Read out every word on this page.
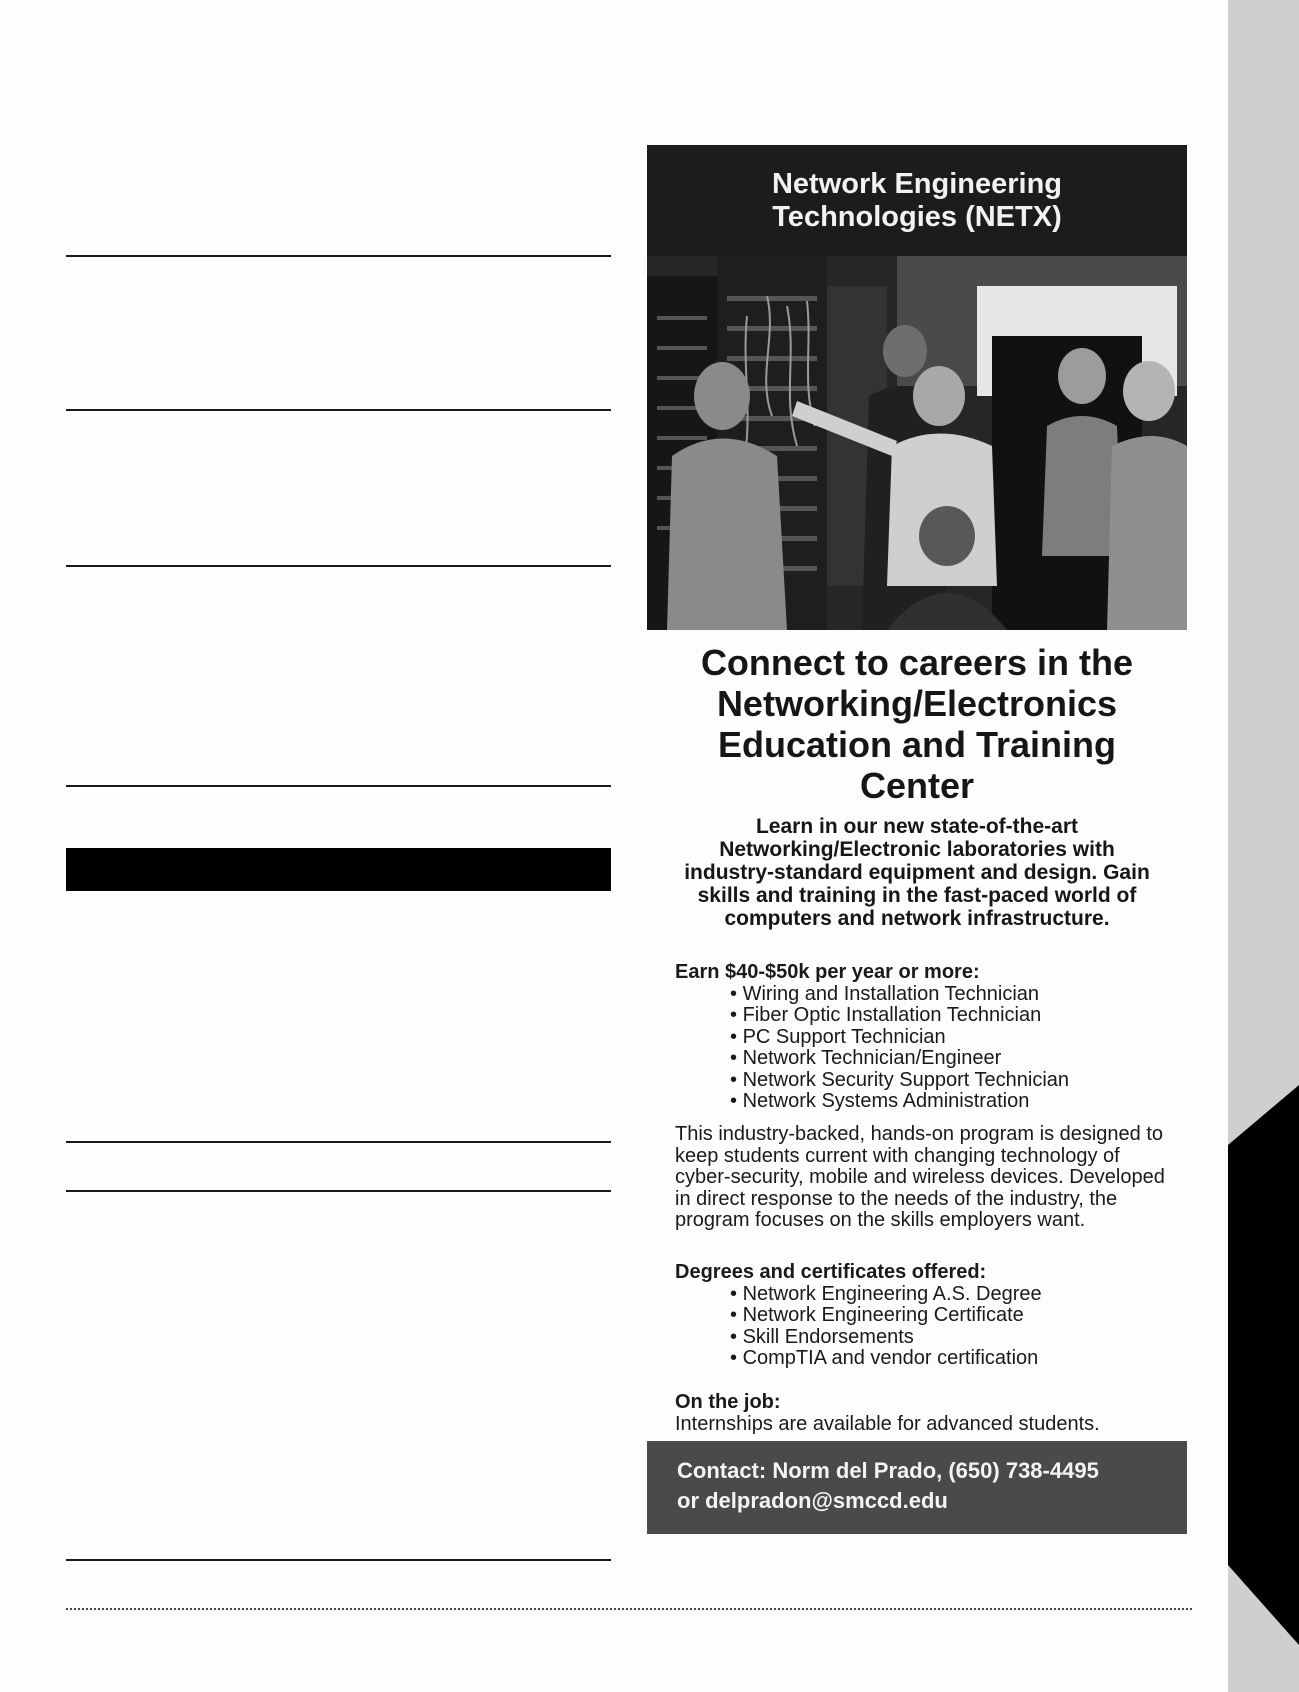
Network Engineering Technologies (NETX)
Connect to careers in the Networking/Electronics Education and Training Center
Learn in our new state-of-the-art Networking/Electronic laboratories with industry-standard equipment and design. Gain skills and training in the fast-paced world of computers and network infrastructure.
Earn $40-$50k per year or more:
• Wiring and Installation Technician
• Fiber Optic Installation Technician
• PC Support Technician
• Network Technician/Engineer
• Network Security Support Technician
• Network Systems Administration
This industry-backed, hands-on program is designed to keep students current with changing technology of cyber-security, mobile and wireless devices. Developed in direct response to the needs of the industry, the program focuses on the skills employers want.
Degrees and certificates offered:
• Network Engineering A.S. Degree
• Network Engineering Certificate
• Skill Endorsements
• CompTIA and vendor certification
On the job:
Internships are available for advanced students.
Contact: Norm del Prado, (650) 738-4495
or delpradon@smccd.edu
